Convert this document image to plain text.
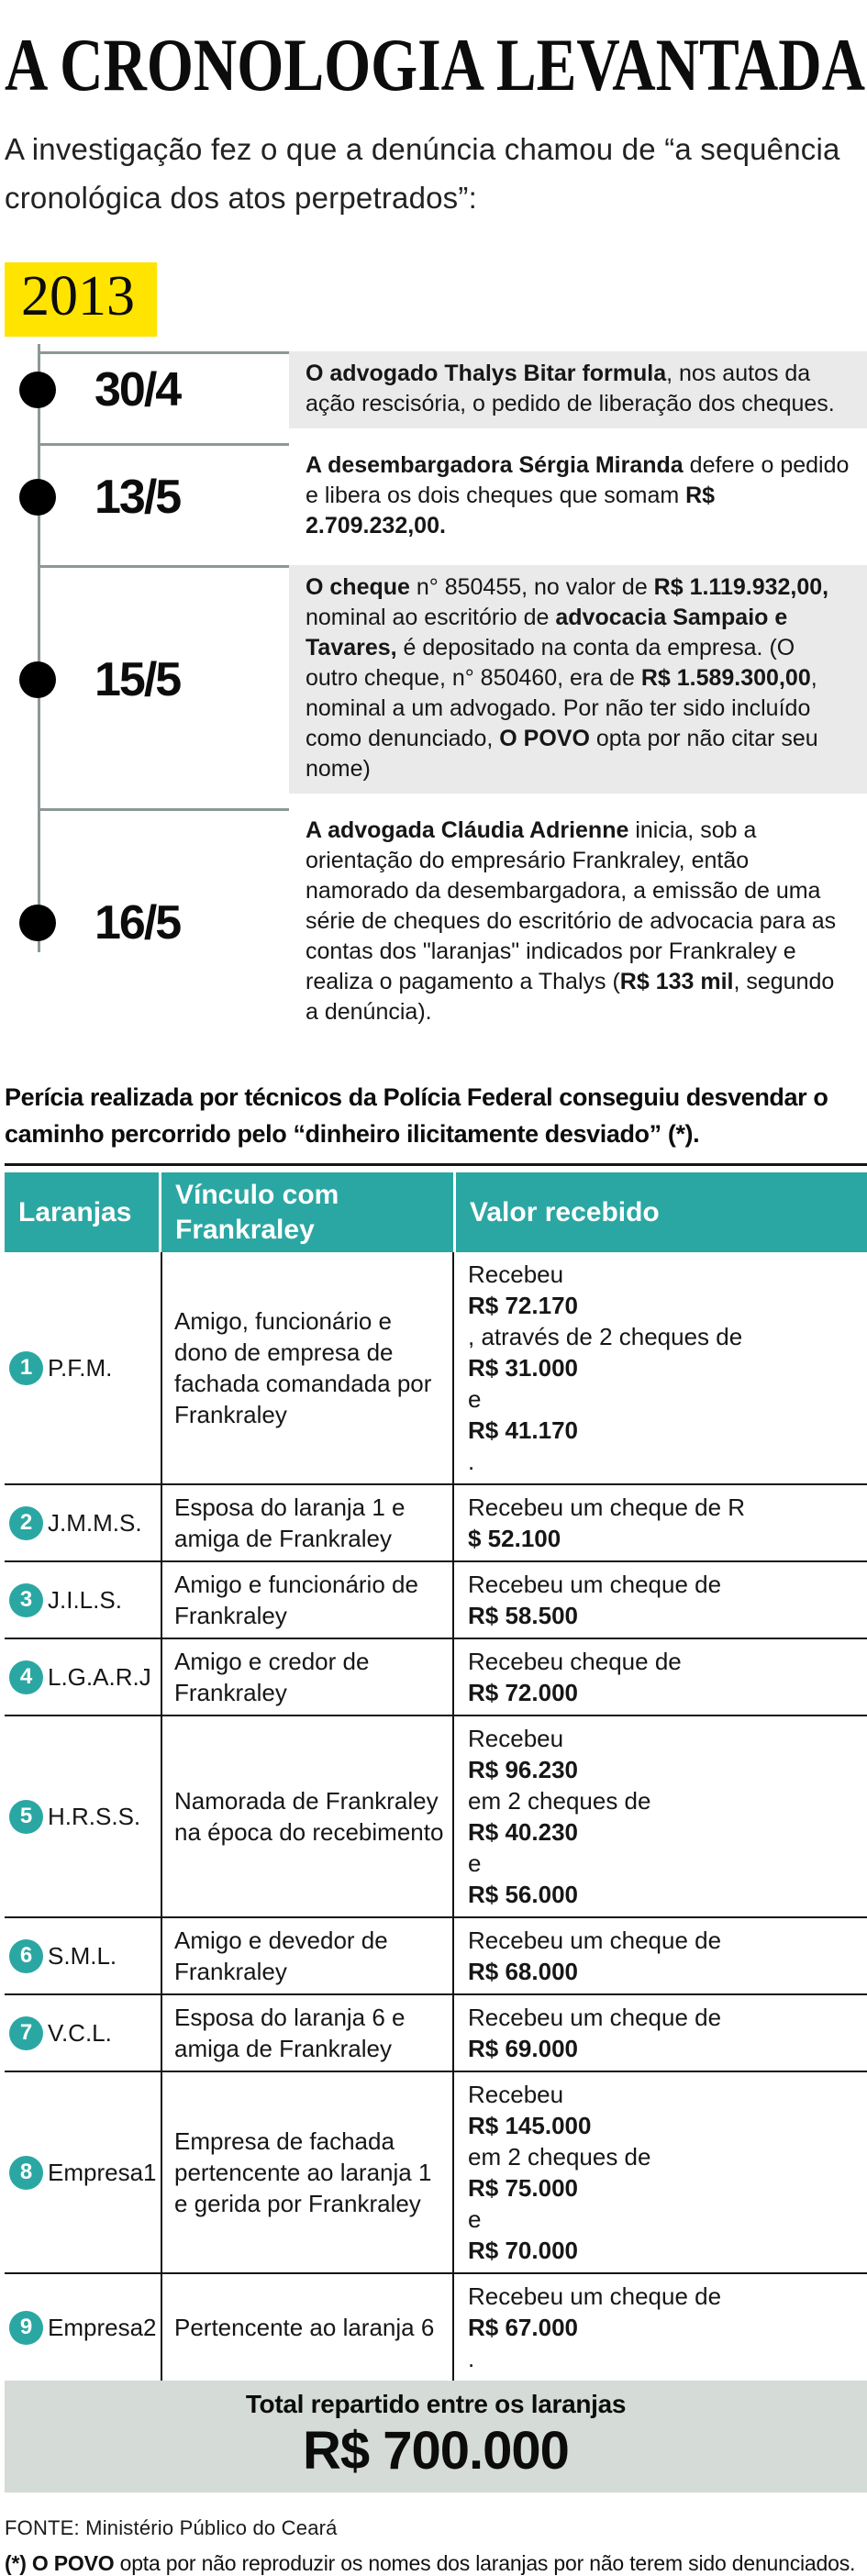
A CRONOLOGIA LEVANTADA
A investigação fez o que a denúncia chamou de “a sequência cronológica dos atos perpetrados”:
2013
30/4	O advogado Thalys Bitar formula, nos autos da ação rescisória, o pedido de liberação dos cheques.
13/5
A desembargadora Sérgia Miranda defere o pedido e libera os dois cheques que somam R$ 2.709.232,00.
15/5
O cheque n° 850455, no valor de R$ 1.119.932,00, nominal ao escritório de advocacia Sampaio e Tavares, é depositado na conta da empresa. (O outro cheque, n° 850460, era de R$ 1.589.300,00, nominal a um advogado. Por não ter sido incluído como denunciado, O POVO opta por não citar seu nome)
16/5
A advogada Cláudia Adrienne inicia, sob a orientação do empresário Frankraley, então namorado da desembargadora, a emissão de uma série de cheques do escritório de advocacia para as contas dos "laranjas" indicados por Frankraley e realiza o pagamento a Thalys (R$ 133 mil, segundo a denúncia).
Perícia realizada por técnicos da Polícia Federal conseguiu desvendar o caminho percorrido pelo “dinheiro ilicitamente desviado” (*).
Laranjas
Vínculo com Frankraley
Valor recebido
1 P.F.M.
Amigo, funcionário e dono de empresa de fachada comandada por Frankraley
Recebeu
R$ 72.170
, através de 2 cheques de
R$ 31.000
e
R$ 41.170
.
2 J.M.M.S.
Esposa do laranja 1 e amiga de Frankraley
Recebeu um cheque de R
$ 52.100
3 J.I.L.S.
Amigo e funcionário de Frankraley
Recebeu um cheque de
R$ 58.500
4 L.G.A.R.J
Amigo e credor de Frankraley
Recebeu cheque de
R$ 72.000
5 H.R.S.S.
Namorada de Frankraley na época do recebimento
Recebeu
R$ 96.230
em 2 cheques de
R$ 40.230
e
R$ 56.000
6 S.M.L.
Amigo e devedor de Frankraley
Recebeu um cheque de
R$ 68.000
7 V.C.L.
Esposa do laranja 6 e amiga de Frankraley
Recebeu um cheque de
R$ 69.000
8 Empresa1
Empresa de fachada pertencente ao laranja 1 e gerida por Frankraley
Recebeu
R$ 145.000
em 2 cheques de
R$ 75.000
e
R$ 70.000
9 Empresa2 Pertencente ao laranja 6
Recebeu um cheque de
R$ 67.000
.
Total repartido entre os laranjas
R$ 700.000
FONTE: Ministério Público do Ceará
(*) O POVO opta por não reproduzir os nomes dos laranjas por não terem sido denunciados.
